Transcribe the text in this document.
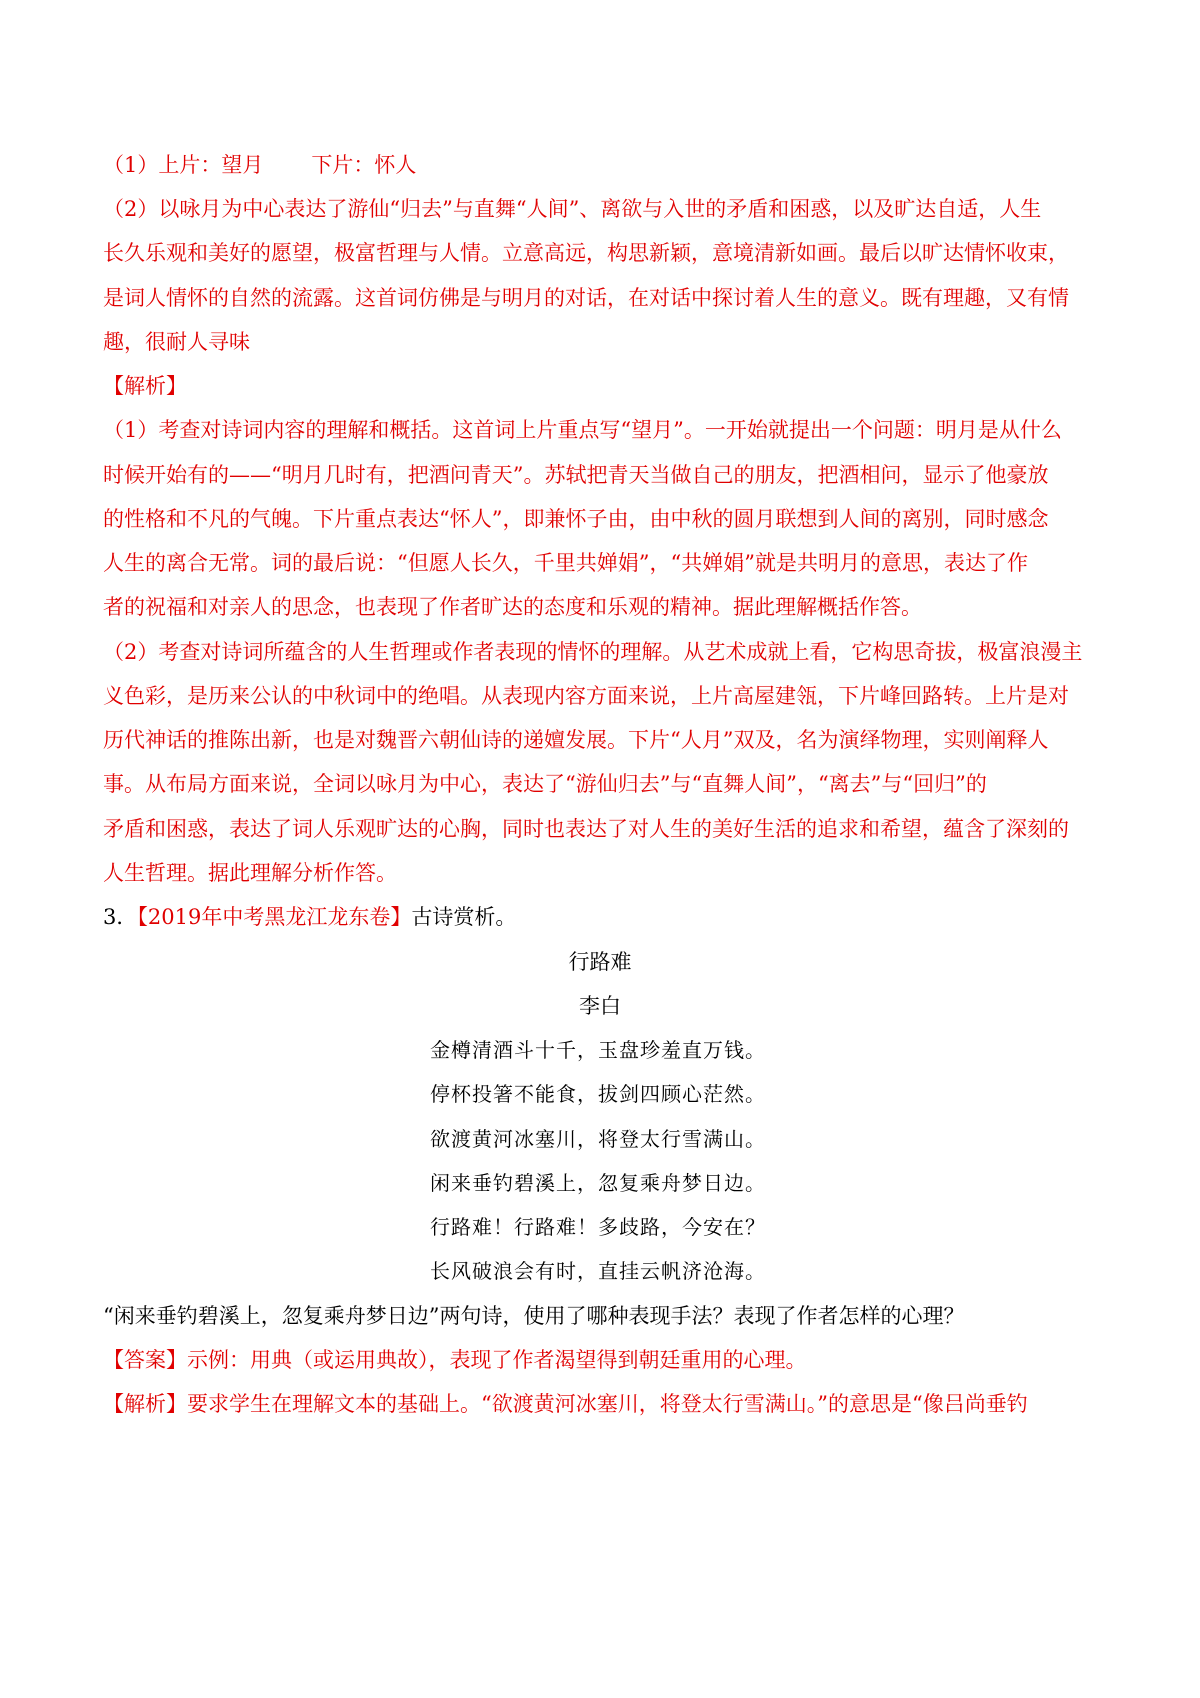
（1）上片：望月 下片：怀人
（2）以咏月为中心表达了游仙“归去”与直舞“人间”、离欲与入世的矛盾和困惑，以及旷达自适，人生
长久乐观和美好的愿望，极富哲理与人情。立意高远，构思新颖，意境清新如画。最后以旷达情怀收束，
是词人情怀的自然的流露。这首词仿佛是与明月的对话，在对话中探讨着人生的意义。既有理趣，又有情
趣，很耐人寻味
【解析】
（1）考查对诗词内容的理解和概括。这首词上片重点写“望月”。一开始就提出一个问题：明月是从什么
时候开始有的——“明月几时有，把酒问青天”。苏轼把青天当做自己的朋友，把酒相问，显示了他豪放
的性格和不凡的气魄。下片重点表达“怀人”，即兼怀子由，由中秋的圆月联想到人间的离别，同时感念
人生的离合无常。词的最后说：“但愿人长久，千里共婵娟”，“共婵娟”就是共明月的意思，表达了作
者的祝福和对亲人的思念，也表现了作者旷达的态度和乐观的精神。据此理解概括作答。
（2）考查对诗词所蕴含的人生哲理或作者表现的情怀的理解。从艺术成就上看，它构思奇拔，极富浪漫主
义色彩，是历来公认的中秋词中的绝唱。从表现内容方面来说，上片高屋建瓴，下片峰回路转。上片是对
历代神话的推陈出新，也是对魏晋六朝仙诗的递嬗发展。下片“人月”双及，名为演绎物理，实则阐释人
事。从布局方面来说，全词以咏月为中心，表达了“游仙归去”与“直舞人间”，“离去”与“回归”的
矛盾和困惑，表达了词人乐观旷达的心胸，同时也表达了对人生的美好生活的追求和希望，蕴含了深刻的
人生哲理。据此理解分析作答。
3．【2019年中考黑龙江龙东卷】古诗赏析。
行路难
李白
金樽清酒斗十千，玉盘珍羞直万钱。
停杯投箸不能食，拔剑四顾心茫然。
欲渡黄河冰塞川，将登太行雪满山。
闲来垂钓碧溪上，忽复乘舟梦日边。
行路难！行路难！多歧路，今安在？
长风破浪会有时，直挂云帆济沧海。
“闲来垂钓碧溪上，忽复乘舟梦日边”两句诗，使用了哪种表现手法？表现了作者怎样的心理？
【答案】示例：用典（或运用典故），表现了作者渴望得到朝廷重用的心理。
【解析】要求学生在理解文本的基础上。“欲渡黄河冰塞川，将登太行雪满山。”的意思是“像吕尚垂钓
